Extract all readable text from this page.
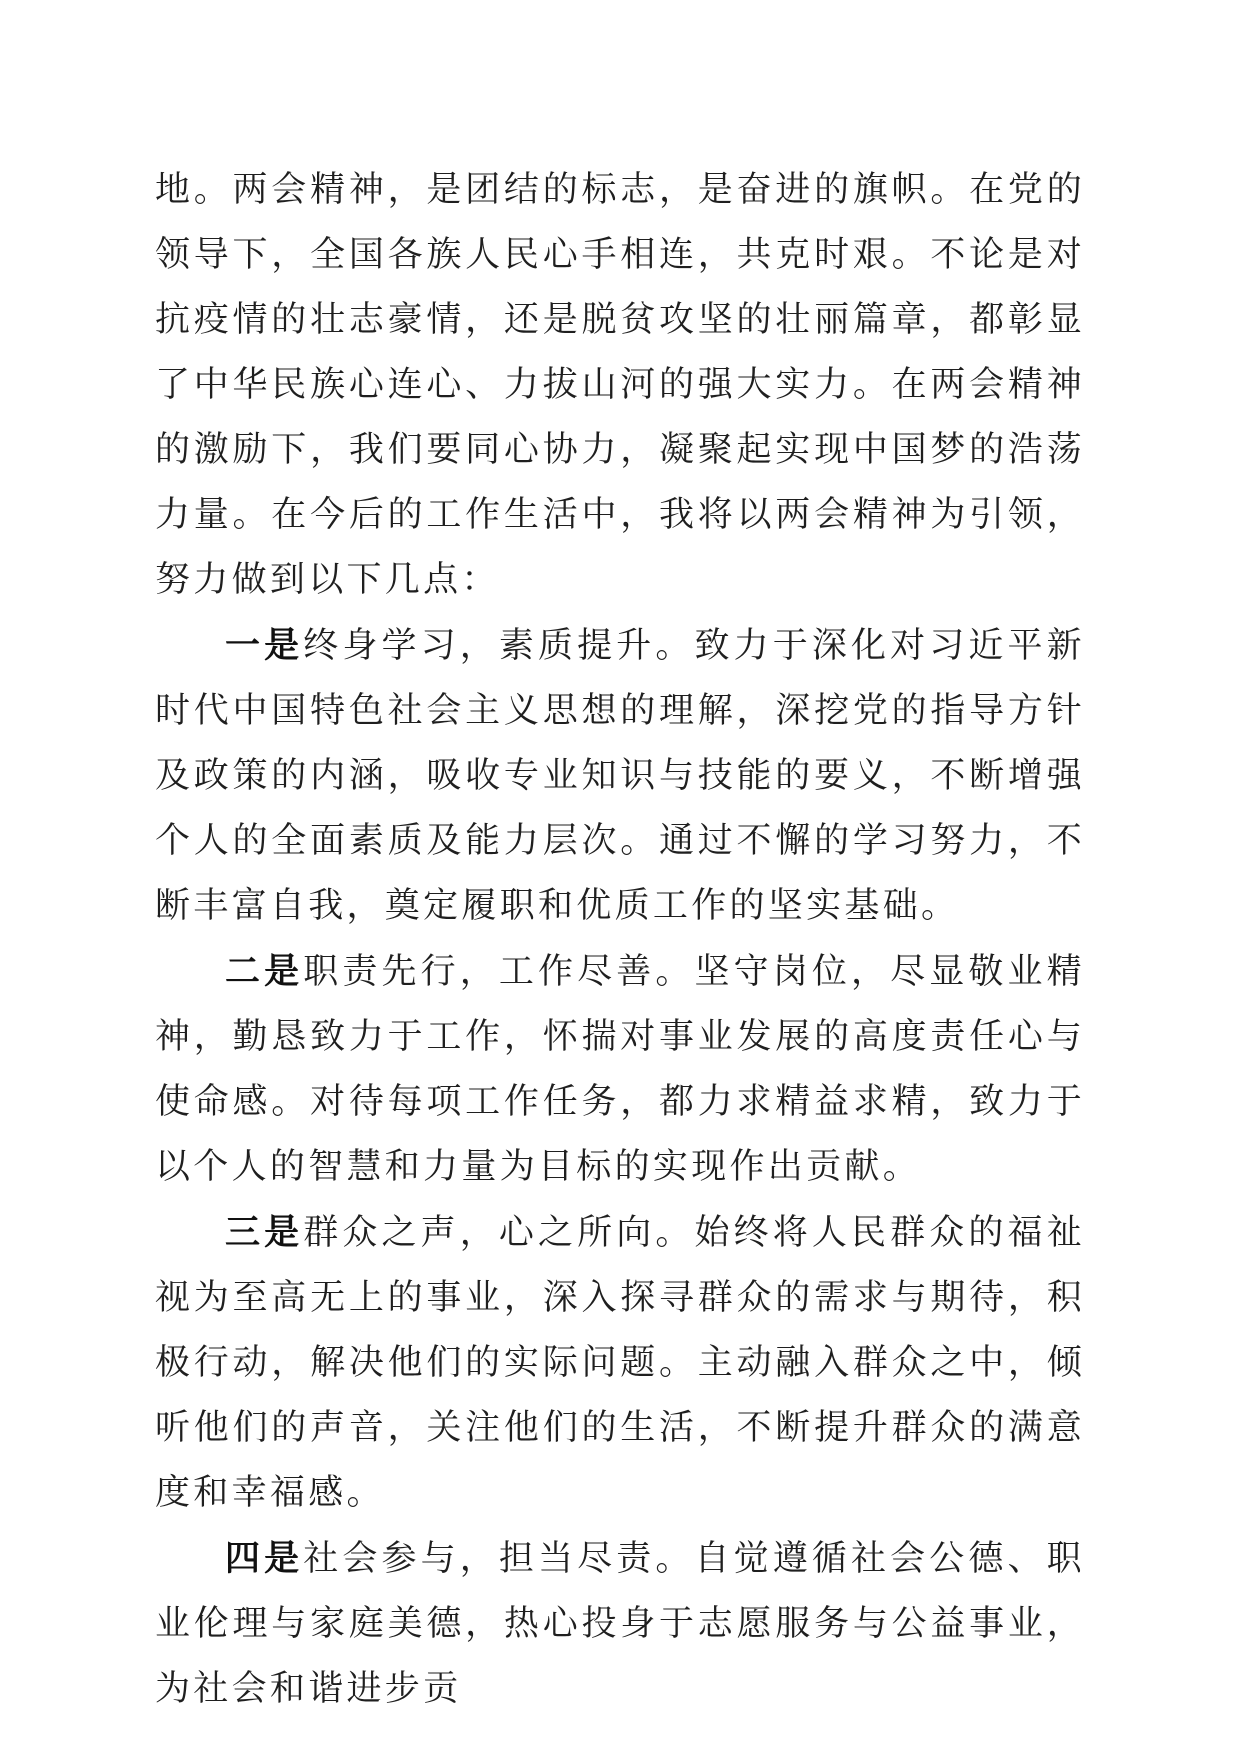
地。两会精神，是团结的标志，是奋进的旗帜。在党的领导下，全国各族人民心手相连，共克时艰。不论是对抗疫情的壮志豪情，还是脱贫攻坚的壮丽篇章，都彰显了中华民族心连心、力拔山河的强大实力。在两会精神的激励下，我们要同心协力，凝聚起实现中国梦的浩荡力量。在今后的工作生活中，我将以两会精神为引领，努力做到以下几点：

一是终身学习，素质提升。致力于深化对习近平新时代中国特色社会主义思想的理解，深挖党的指导方针及政策的内涵，吸收专业知识与技能的要义，不断增强个人的全面素质及能力层次。通过不懈的学习努力，不断丰富自我，奠定履职和优质工作的坚实基础。

二是职责先行，工作尽善。坚守岗位，尽显敬业精神，勤恳致力于工作，怀揣对事业发展的高度责任心与使命感。对待每项工作任务，都力求精益求精，致力于以个人的智慧和力量为目标的实现作出贡献。

三是群众之声，心之所向。始终将人民群众的福祉视为至高无上的事业，深入探寻群众的需求与期待，积极行动，解决他们的实际问题。主动融入群众之中，倾听他们的声音，关注他们的生活，不断提升群众的满意度和幸福感。

四是社会参与，担当尽责。自觉遵循社会公德、职业伦理与家庭美德，热心投身于志愿服务与公益事业，为社会和谐进步贡
